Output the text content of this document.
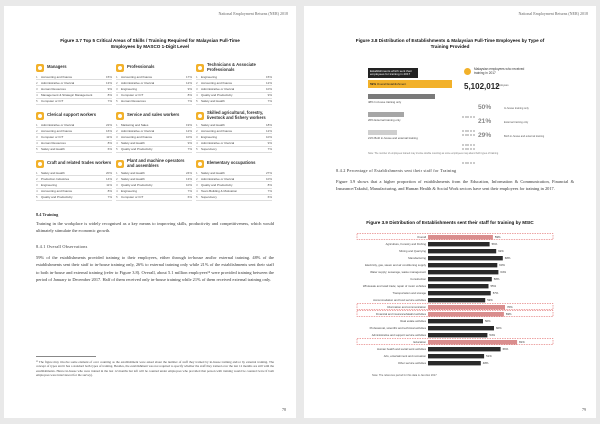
National Employment Returns (NER) 2018
Figure 3.7 Top 5 Critical Areas of Skills / Training Required for Malaysian Full-Time
Employees by MASCO 1-Digit Level
Managers
1	Accounting and finance	15%
2	Administrative or Clerical	13%
3	Human Resources	9%
4	Management & Strategic Management	8%
5	Computer or ICT	7%
Professionals
1	Accounting and finance	17%
2	Administrative or Clerical	12%
3	Engineering	9%
4	Computer or ICT	8%
5	Human Resources	7%
Technicians & Associate Professionals
1	Engineering	15%
2	Accounting and finance	12%
3	Administrative or Clerical	10%
4	Quality and Productivity	9%
5	Safety and Health	7%
Clerical support workers
1	Administrative or Clerical	22%
2	Accounting and finance	16%
3	Computer or ICT	11%
4	Human Resources	8%
5	Safety and Health	6%
Service and sales workers
1	Marketing and Sales	19%
2	Administrative or Clerical	12%
3	Accounting and finance	10%
4	Safety and Health	9%
5	Quality and Productivity	7%
Skilled agricultural, forestry, livestock and fishery workers
1	Safety and Health	18%
2	Accounting and finance	12%
3	Engineering	10%
4	Administrative or Clerical	9%
5	Supervisory	7%
Craft and related trades workers
1	Safety and Health	20%
2	Production Industries	14%
3	Engineering	11%
4	Accounting and finance	8%
5	Quality and Productivity	7%
Plant and machine operators and assemblers
1	Safety and Health	24%
2	Safety and Health	13%
3	Quality and Productivity	10%
4	Engineering	7%
5	Computer or ICT	6%
Elementary occupations
1	Safety and Health	27%
2	Administrative or Clerical	10%
3	Quality and Productivity	8%
4	Team Building & Motivation	7%
5	Supervisory	6%
8.4 Training
Training in the workplace is widely recognised as a key means to improving skills, productivity and competitiveness, which would ultimately stimulate the economic growth.
8.4.1 Overall Observations
59% of the establishments provided training to their employees, either through in-house and/or external training. 48% of the establishments sent their staff to in-house training only, 26% to external training only while 21% of the establishments sent their staff to both in-house and external training (refer to Figure 3.8). Overall, about 5.1 million employees¹² were provided training between the period of January to December 2017. Half of them received only in-house training while 21% of them received external training only.
¹² The figure may involve some element of over counting as the establishment were asked about the number of staff they trained by in-house training and/or by external training. The concept of types and it has a standard both types of training. Besides, the establishment was not required to specify whether the staff they trained over the last 12 months are still with the establishments. Hence in-house who were trained in the last 12 months but left will be counted under employees who provided that person with training would be counted twice if both employees were interviewed for the survey).
78
National Employment Returns (NER) 2018
Figure 3.8 Distribution of Establishments & Malaysian Full-Time Employees by Type of
Training Provided
Establishments which sent their employees for training in 2017
59% Overall Establishment
48% In-house training only
26% External training only
21% Both in-house and external training
Malaysian employees who received training in 2017
5,102,012
employees
50%	In-house training only
21%	External training only
29%	Both in-house and external training
Note: The number of employees trained may involve double counting as some employees may attend both types of training
8.4.2 Percentage of Establishments sent their staff for Training
Figure 3.9 shows that a higher proportion of establishments from the Education, Information & Communication, Financial & Insurance/Takaful, Manufacturing, and Human Health & Social Work sectors have sent their employees for training in 2017.
Figure 3.9 Distribution of Establishments sent their staff for training by MSIC
Overall	59%
Agriculture, Forestry and Fishing	56%
Mining and Quarrying	62%
Manufacturing	68%
Electricity, gas, steam and air conditioning supply	63%
Water supply; sewerage, waste management	64%
Construction	58%
Wholesale and retail trade; repair of motor vehicles	55%
Transportation and storage	57%
Accommodation and food service activities	52%
Information and communication	70%
Financial and insurance/takaful activities	69%
Real estate activities	50%
Professional, scientific and technical activities	60%
Administrative and support service activities	54%
Education	81%
Human health and social work activities	66%
Arts, entertainment and recreation	51%
Other service activities	48%
Note: The reference period for this data is Jan-Dec 2017
79
